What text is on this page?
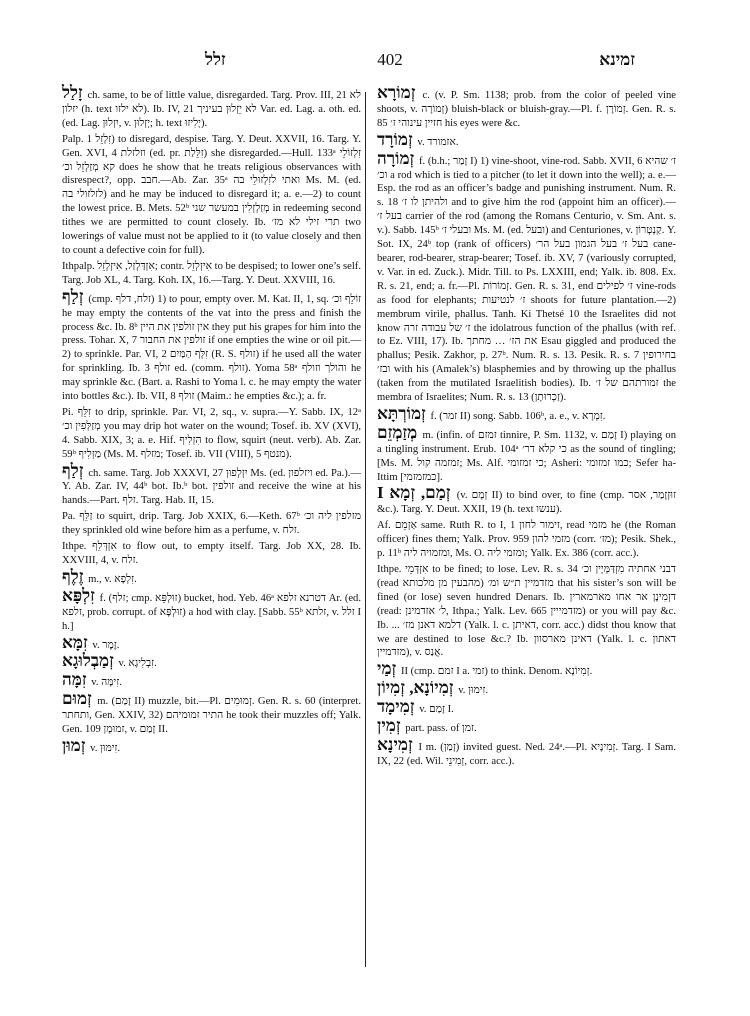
זלל	402	זמינא

זָלַל ch. same, to be of little value, disregarded. Targ. Prov. III, 21 לא יזלון (h. text לא ילזו). Ib. IV, 21 לא יֵזְלוּן בעיניך Var. ed. Lag. a. oth. ed. (ed. Lag. יִזְלוּן, v. יְזְלוּן; h. text יָלִיזוּ).

Palp. זִלְזֵל 1) to disregard, despise. Targ. Y. Deut. XXVII, 16. Targ. Y. Gen. XVI, 4 וזלזלת (ed. pr. זִלֵּלַת) she disregarded.—Hull. 133ᵃ זִלְזוֹלֵי קא מְזַלְזֵל וכ׳ does he show that he treats religious observances with disrespect?, opp. חבב.—Ab. Zar. 35ᵃ ואתי לזִלְזוּלֵי בה Ms. M. (ed. לזלזולי בה) and he may be induced to disregard it; a. e.—2) to count the lowest price. B. Mets. 52ᵇ מְזַלְזְלִין במעשר שני in redeeming second tithes we are permitted to count closely. Ib. תרי זילי לא מז׳ two lowerings of value must not be applied to it (to value closely and then to count a defective coin for full).

Ithpalp. אִזְדַּלְזַל, אִיזְלְזֵל; contr. אִיזְלְזֵל to be despised; to lower one’s self. Targ. Job XL, 4. Targ. Koh. IX, 16.—Targ. Y. Deut. XXVIII, 16.

זְלַף (cmp. זלח, דלף) 1) to pour, empty over. M. Kat. II, 1, sq. זוֹלֵף וכ׳ he may empty the contents of the vat into the press and finish the process &c. Ib. 8ᵇ אין זולפין את היין they put his grapes for him into the press. Tohar. X, 7 זולפין את החבור if one empties the wine or oil pit.—2) to sprinkle. Par. VI, 2 זִלְּף הַמַּיִם (R. S. זולף) if he used all the water for sprinkling. Ib. 3 זולף ed. (comm. זולף). Yoma 58ᵃ והולך וזולף he may sprinkle &c. (Bart. a. Rashi to Yoma l. c. he may empty the water into bottles &c.). Ib. VII, 8 זולף (Maim.: he empties &c.); a. fr.

Pi. זִלֵּף to drip, sprinkle. Par. VI, 2, sq., v. supra.—Y. Sabb. IX, 12ᵃ מְזַלְּפִין וכ׳ you may drip hot water on the wound; Tosef. ib. XV (XVI), 4. Sabb. XIX, 3; a. e. Hif. הִזְלִיף to flow, squirt (neut. verb). Ab. Zar. 59ᵇ מַזְלִיף (Ms. M. מזלף; Tosef. ib. VII (VIII), 5 מנטף).

זְלַף ch. same. Targ. Job XXXVI, 27 יִזְלְפוּן Ms. (ed. ויזלפון ed. Pa.).—Y. Ab. Zar. IV, 44ᵇ bot. Ib.ᵇ bot. זולפין and receive the wine at his hands.—Part. זלף. Targ. Hab. II, 15.

Pa. זַלֵּף to squirt, drip. Targ. Job XXIX, 6.—Keth. 67ᵇ מזלפין ליה וכ׳ they sprinkled old wine before him as a perfume, v. זלח.

Ithpe. אִזְדְּלֵף to flow out, to empty itself. Targ. Job XX, 28. Ib. XXVIII, 4, v. זלח.

זֶלֶף m., v. זִלְפָא.

זִלְפָּא f. (זלף; cmp. זוּלְפֵּא) bucket, hod. Yeb. 46ᵃ דטרנא זלפא Ar. (ed. זלפא, prob. corrupt. of זוּלְפָּא) a hod with clay. [Sabb. 55ᵇ זלתא, v. זלל I h.]

זִמָּא v. זֶמֶר.

זְמַבְלוּגָא v. זִבְלִיגָא.

זִמָּה v. זִימָּה.

זְמוּם m. (זָמַם II) muzzle, bit.—Pl. זְמוּמִים. Gen. R. s. 60 (interpret. ותחתר, Gen. XXIV, 32) התיר זמוּמיהם he took their muzzles off; Yalk. Gen. 109 זמוּמָן, v. זָמַם II.

זְמוּן v. זִימּוּן.

זְמוֹרָא c. (v. P. Sm. 1138; prob. from the color of peeled vine shoots, v. זְמוֹרָה) bluish-black or bluish-gray.—Pl. f. זְמוֹרָן. Gen. R. s. 85 חזיין עינוהי ז׳ his eyes were &c.

זְמוֹרָד v. אזמורד.

זְמוֹרָה f. (b.h.; זָמַר I) 1) vine-shoot, vine-rod. Sabb. XVII, 6 ז׳ שהיא וכ׳ a rod which is tied to a pitcher (to let it down into the well); a. e.—Esp. the rod as an officer’s badge and punishing instrument. Num. R. s. 18 ולהיתן לו ז׳ and to give him the rod (appoint him an officer).—בעל ז׳ carrier of the rod (among the Romans Centurio, v. Sm. Ant. s. v.). Sabb. 145ᵇ ובעלי ז׳ Ms. M. (ed. ובעל) and Centuriones, v. קַנְטְרוֹן. Y. Sot. IX, 24ᵇ top (rank of officers) בעל ז׳ בעל הגמון בעל הר׳ cane-bearer, rod-bearer, strap-bearer; Tosef. ib. XV, 7 (variously corrupted, v. Var. in ed. Zuck.). Midr. Till. to Ps. LXXIII, end; Yalk. ib. 808. Ex. R. s. 21, end; a. fr.—Pl. זְמוֹרוֹת. Gen. R. s. 31, end ז׳ לפילים vine-rods as food for elephants; ז׳ לנטיעות shoots for future plantation.—2) membrum virile, phallus. Tanh. Ki Thetsé 10 the Israelites did not know ז׳ של עבודה זרה the idolatrous function of the phallus (with ref. to Ez. VIII, 17). Ib. את הז׳ … מחתך Esau giggled and produced the phallus; Pesik. Zakhor, p. 27ᵇ. Num. R. s. 13. Pesik. R. s. 7 בחירופין ובז׳ with his (Amalek’s) blasphemies and by throwing up the phallus (taken from the mutilated Israelitish bodies). Ib. זמורתהם של ז׳ the membra of Israelites; Num. R. s. 13 (זַכְרוּתָן).

זְמוֹרְתָּא f. (זמר II) song. Sabb. 106ᵇ, a. e., v. זִמְרָא.

מְזַמְזֵם m. (infin. of זמזם tinnire, P. Sm. 1132, v. זָמַם I) playing on a tingling instrument. Erub. 104ᵃ כי קלא דר׳ as the sound of tingling; [Ms. M. זמזמה קול; Ms. Alf. כי זמזומי; Asheri: כמו זמזומי; Sefer ha-Ittim [כמזמזמי].

זְמַם, זְמָא I (v. זְמָם II) to bind over, to fine (cmp. זוּזְזָמַר, אסר &c.). Targ. Y. Deut. XXII, 19 (h. text ענשו).

Af. אַזְמֵם same. Ruth R. to I, 1 זימור לחון, read מזמי he (the Roman officer) fines them; Yalk. Prov. 959 מזמי להון (corr. מז׳); Pesik. Shek., p. 11ᵇ ומזמויה ליה, Ms. O. ומזמי ליה; Yalk. Ex. 386 (corr. acc.).

Ithpe. אִזְדְּמֵי to be fined; to lose. Lev. R. s. 34 דבני אחתיה מִזְדַּמְּיָין וכ׳ (read מזדמיין ת״ש ומ׳ (מהבעין מן מלכותא that his sister’s son will be fined (or lose) seven hundred Denars. Ib. דזְמִינָן אר אחו מארמארין (read: ל׳ אזדמינן, Ithpa.; Yalk. Lev. 665 מזדמייין) or you will pay &c. Ib. ... דלמא דאנן מז׳ (Yalk. l. c. דאיתן, corr. acc.) didst thou know that we are destined to lose &c.? Ib. דאינן מארסוון (Yalk. l. c. דאתון מזדמיין), v. אֲנַס.

זְמַי II (cmp. זמם I a. זמי) to think. Denom. זְמִיוֹנָא.

זְמִיוֹנָא, זְמִיוֹן v. זִימוּן.

זְמִימָד v. זָמַם I.

זְמִין part. pass. of זמן.

זְמִינָא I m. (זָמַן) invited guest. Ned. 24ᵃ.—Pl. זְמִינָיא. Targ. I Sam. IX, 22 (ed. Wil. זְמִינֵי, corr. acc.).
